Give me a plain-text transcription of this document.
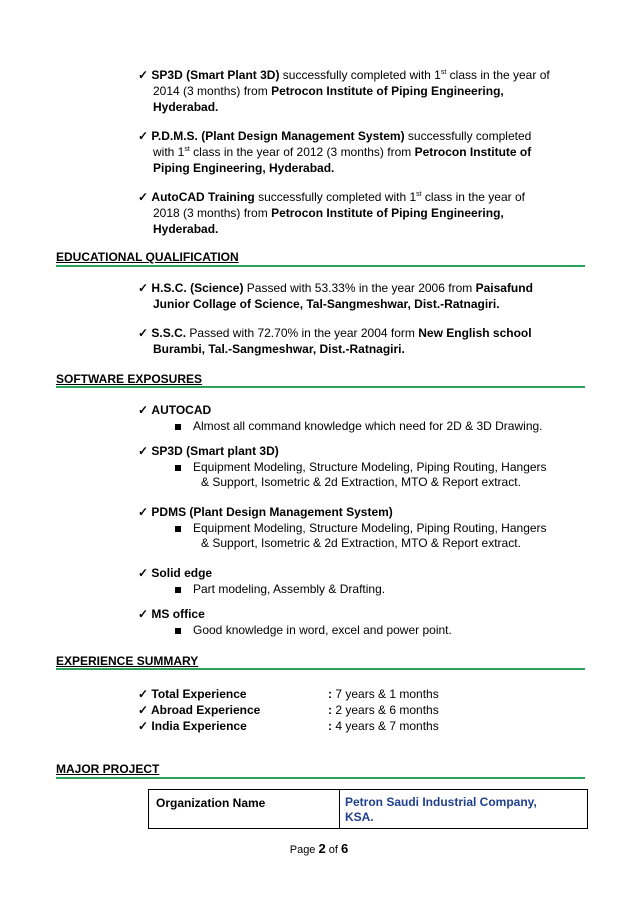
✓ SP3D (Smart Plant 3D) successfully completed with 1st class in the year of
2014 (3 months) from Petrocon Institute of Piping Engineering,
Hyderabad.
✓ P.D.M.S. (Plant Design Management System) successfully completed
with 1st class in the year of 2012 (3 months) from Petrocon Institute of
Piping Engineering, Hyderabad.
✓ AutoCAD Training successfully completed with 1st class in the year of
2018 (3 months) from Petrocon Institute of Piping Engineering,
Hyderabad.
EDUCATIONAL QUALIFICATION
✓ H.S.C. (Science) Passed with 53.33% in the year 2006 from Paisafund
Junior Collage of Science, Tal-Sangmeshwar, Dist.-Ratnagiri.
✓ S.S.C. Passed with 72.70% in the year 2004 form New English school
Burambi, Tal.-Sangmeshwar, Dist.-Ratnagiri.
SOFTWARE EXPOSURES
✓ AUTOCAD
Almost all command knowledge which need for 2D & 3D Drawing.
✓ SP3D (Smart plant 3D)
Equipment Modeling, Structure Modeling, Piping Routing, Hangers
& Support, Isometric & 2d Extraction, MTO & Report extract.
✓ PDMS (Plant Design Management System)
Equipment Modeling, Structure Modeling, Piping Routing, Hangers
& Support, Isometric & 2d Extraction, MTO & Report extract.
✓ Solid edge
Part modeling, Assembly & Drafting.
✓ MS office
Good knowledge in word, excel and power point.
EXPERIENCE SUMMARY
✓ Total Experience	: 7 years & 1 months
✓ Abroad Experience	: 2 years & 6 months
✓ India Experience	: 4 years & 7 months
MAJOR PROJECT
Organization Name	Petron Saudi Industrial Company,
KSA.
Page 2 of 6
